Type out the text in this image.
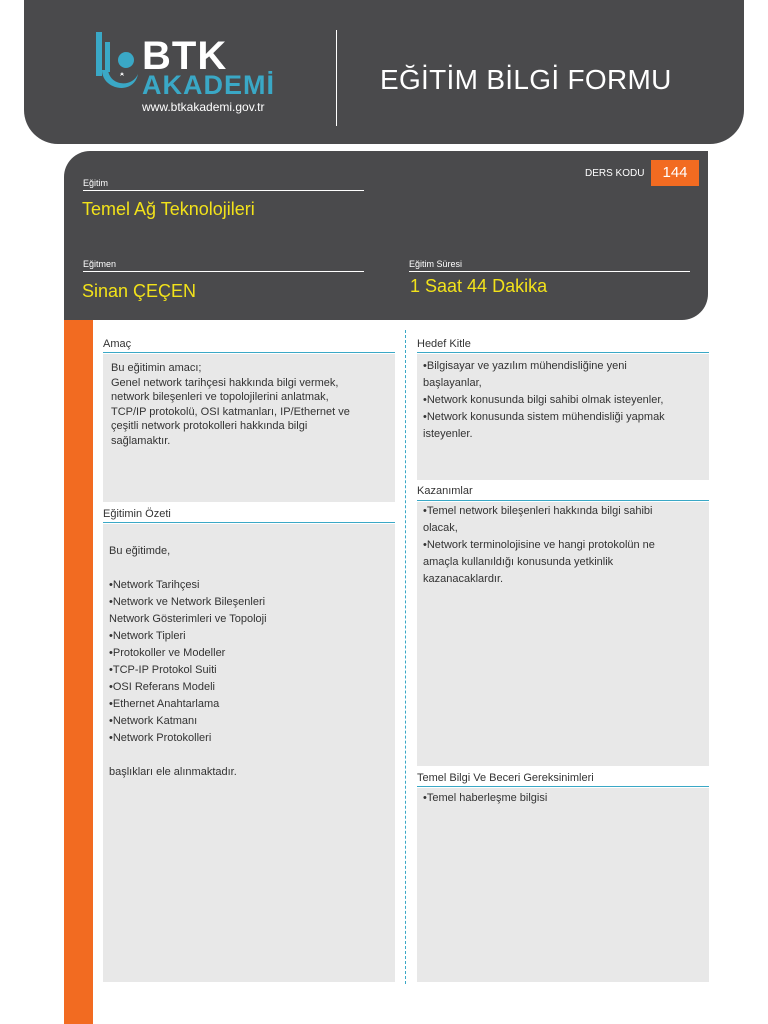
BTK
AKADEMİ
www.btkakademi.gov.tr
EĞİTİM BİLGİ FORMU
DERS KODU	144
Eğitim
Temel Ağ Teknolojileri
Eğitmen
Sinan ÇEÇEN
Eğitim Süresi
1 Saat 44 Dakika
Amaç
Bu eğitimin amacı;
Genel network tarihçesi hakkında bilgi vermek,
network bileşenleri ve topolojilerini anlatmak,
TCP/IP protokolü, OSI katmanları, IP/Ethernet ve
çeşitli network protokolleri hakkında bilgi
sağlamaktır.
Hedef Kitle
•Bilgisayar ve yazılım mühendisliğine yeni
başlayanlar,
•Network konusunda bilgi sahibi olmak isteyenler,
•Network konusunda sistem mühendisliği yapmak
isteyenler.
Eğitimin Özeti
Bu eğitimde,

•Network Tarihçesi
•Network ve Network Bileşenleri
Network Gösterimleri ve Topoloji
•Network Tipleri
•Protokoller ve Modeller
•TCP-IP Protokol Suiti
•OSI Referans Modeli
•Ethernet Anahtarlama
•Network Katmanı
•Network Protokolleri

başlıkları ele alınmaktadır.
Kazanımlar
•Temel network bileşenleri hakkında bilgi sahibi
olacak,
•Network terminolojisine ve hangi protokolün ne
amaçla kullanıldığı konusunda yetkinlik
kazanacaklardır.
Temel Bilgi Ve Beceri Gereksinimleri
•Temel haberleşme bilgisi
